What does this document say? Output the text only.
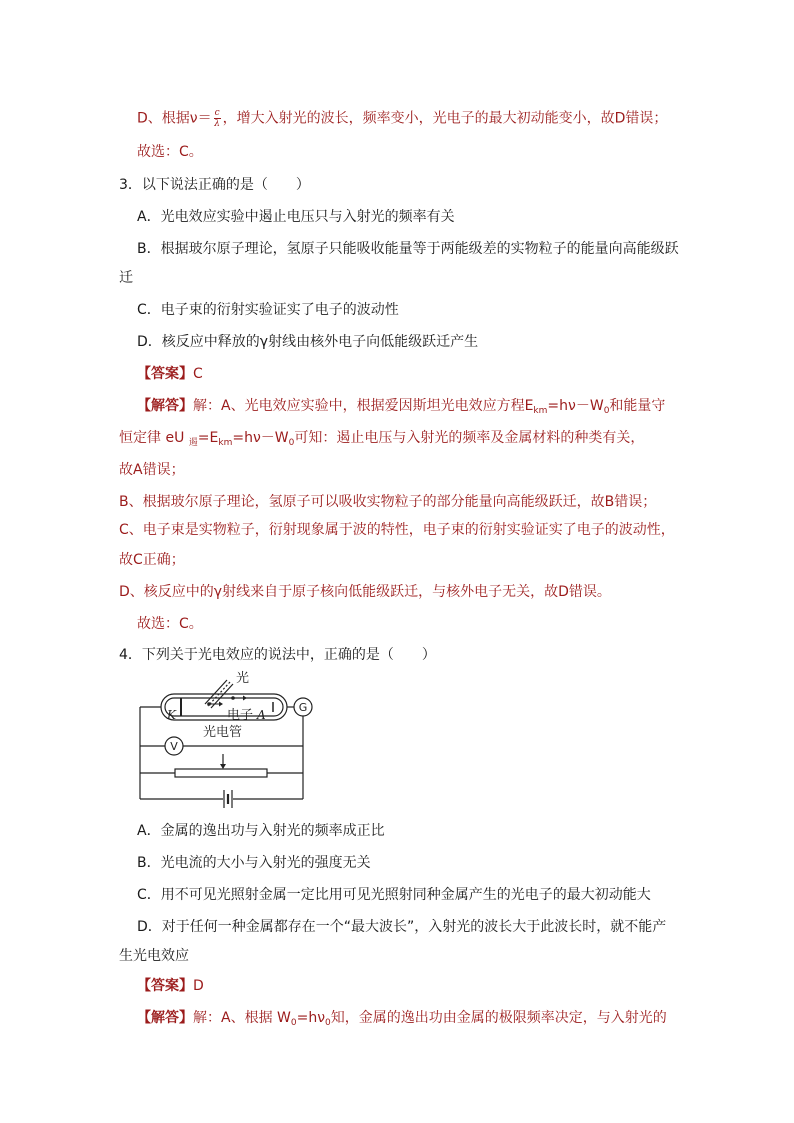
D、根据$\nu= \frac{c}{\lambda}$ ，增大入射光的波长，频率变小，光电子的最大初动能变小，故D错误；
故选：C。
3．以下说法正确的是（　　）
A．光电效应实验中遏止电压只与入射光的频率有关
B．根据玻尔原子理论，氢原子只能吸收能量等于两能级差的实物粒子的能量向高能级跃
迁
C．电子束的衍射实验证实了电子的波动性
D．核反应中释放的γ射线由核外电子向低能级跃迁产生
【答案】C
【解答】解：A、光电效应实验中，根据爱因斯坦光电效应方程$E_{km}=h\nu-W_0$和能量守
恒定律 eU $_遏=E_{km}=h\nu-W_0$可知：遏止电压与入射光的频率及金属材料的种类有关，
故A错误；
B、根据玻尔原子理论，氢原子可以吸收实物粒子的部分能量向高能级跃迁，故B错误；
C、电子束是实物粒子，衍射现象属于波的特性，电子束的衍射实验证实了电子的波动性，
故C正确；
D、核反应中的γ射线来自于原子核向低能级跃迁，与核外电子无关，故D错误。
故选：C。
4．下列关于光电效应的说法中，正确的是（　　）
G
V
光
K	电子 A
光电管
A．金属的逸出功与入射光的频率成正比
B．光电流的大小与入射光的强度无关
C．用不可见光照射金属一定比用可见光照射同种金属产生的光电子的最大初动能大
D．对于任何一种金属都存在一个“最大波长”，入射光的波长大于此波长时，就不能产
生光电效应
【答案】D
【解答】解：A、根据 $W_0=h\nu_0$知，金属的逸出功由金属的极限频率决定，与入射光的
